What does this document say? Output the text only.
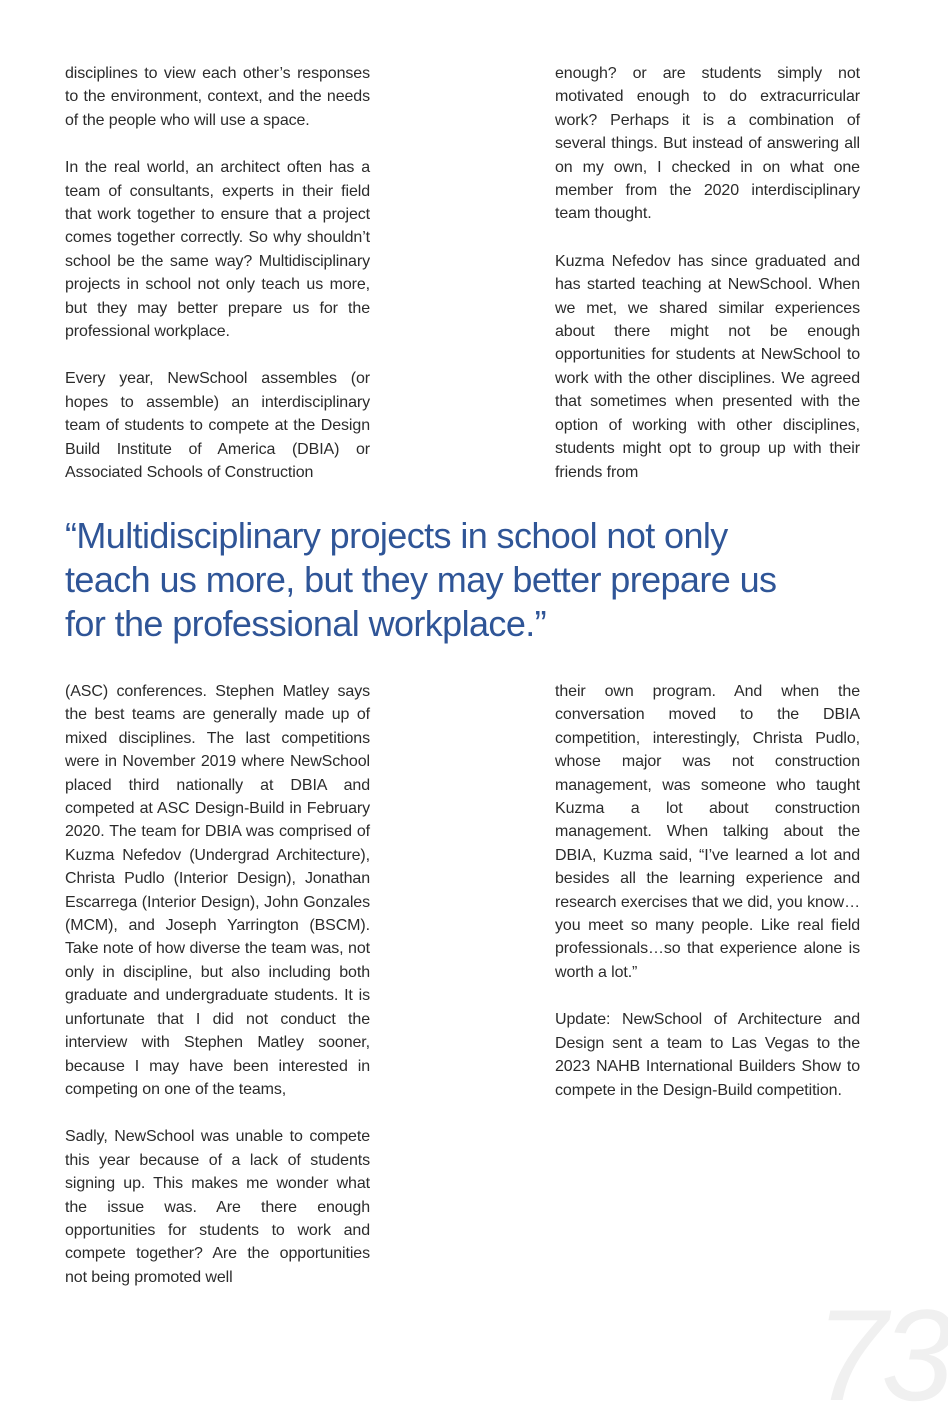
disciplines to view each other’s responses to the environment, context, and the needs of the people who will use a space.

In the real world, an architect often has a team of consultants, experts in their field that work together to ensure that a project comes together correctly. So why shouldn’t school be the same way? Multidisciplinary projects in school not only teach us more, but they may better prepare us for the professional workplace.

Every year, NewSchool assembles (or hopes to assemble) an interdisciplinary team of students to compete at the Design Build Institute of America (DBIA) or Associated Schools of Construction

enough? or are students simply not motivated enough to do extracurricular work? Perhaps it is a combination of several things. But instead of answering all on my own, I checked in on what one member from the 2020 interdisciplinary team thought.

Kuzma Nefedov has since graduated and has started teaching at NewSchool. When we met, we shared similar experiences about there might not be enough opportunities for students at NewSchool to work with the other disciplines. We agreed that sometimes when presented with the option of working with other disciplines, students might opt to group up with their friends from

“Multidisciplinary projects in school not only teach us more, but they may better prepare us for the professional workplace.”

(ASC) conferences. Stephen Matley says the best teams are generally made up of mixed disciplines. The last competitions were in November 2019 where NewSchool placed third nationally at DBIA and competed at ASC Design-Build in February 2020. The team for DBIA was comprised of Kuzma Nefedov (Undergrad Architecture), Christa Pudlo (Interior Design), Jonathan Escarrega (Interior Design), John Gonzales (MCM), and Joseph Yarrington (BSCM). Take note of how diverse the team was, not only in discipline, but also including both graduate and undergraduate students. It is unfortunate that I did not conduct the interview with Stephen Matley sooner, because I may have been interested in competing on one of the teams,

Sadly, NewSchool was unable to compete this year because of a lack of students signing up. This makes me wonder what the issue was. Are there enough opportunities for students to work and compete together? Are the opportunities not being promoted well

their own program. And when the conversation moved to the DBIA competition, interestingly, Christa Pudlo, whose major was not construction management, was someone who taught Kuzma a lot about construction management. When talking about the DBIA, Kuzma said, “I’ve learned a lot and besides all the learning experience and research exercises that we did, you know… you meet so many people. Like real field professionals…so that experience alone is worth a lot.”

Update: NewSchool of Architecture and Design sent a team to Las Vegas to the 2023 NAHB International Builders Show to compete in the Design-Build competition.

73
